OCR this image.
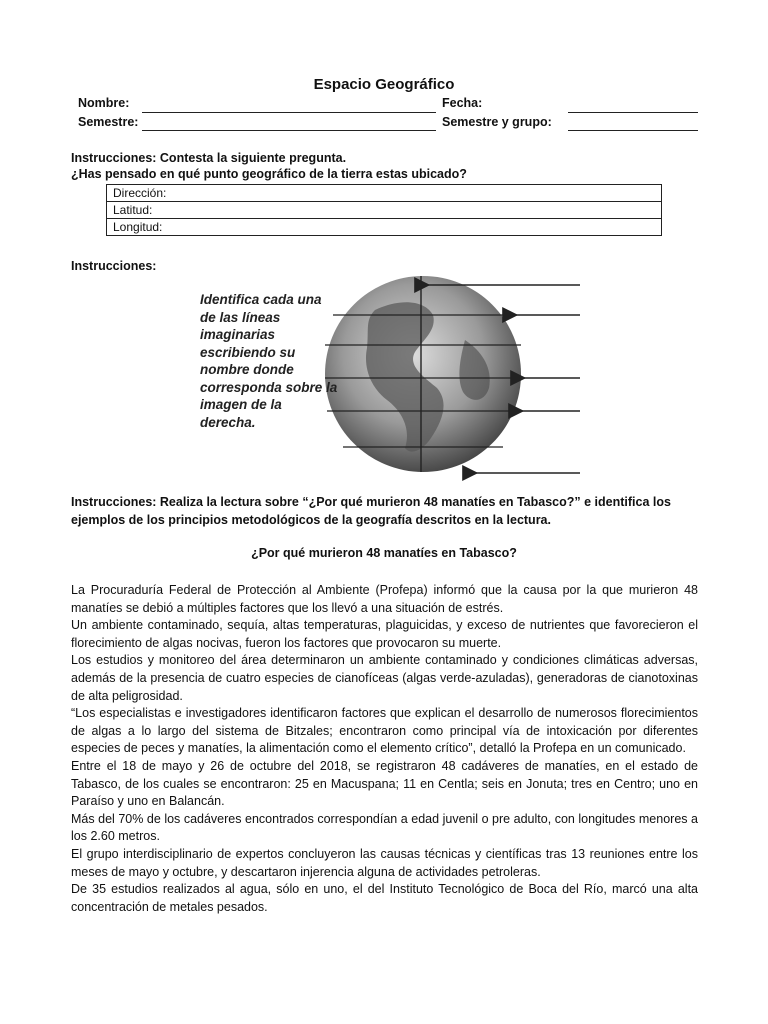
Espacio Geográfico
Nombre:	Fecha:
Semestre:	Semestre y grupo:
Instrucciones: Contesta la siguiente pregunta.
¿Has pensado en qué punto geográfico de la tierra estas ubicado?
Dirección:
Latitud:
Longitud:
Instrucciones:
Identifica cada una de las líneas imaginarias escribiendo su nombre donde corresponda sobre la imagen de la derecha.
Instrucciones: Realiza la lectura sobre “¿Por qué murieron 48 manatíes en Tabasco?” e identifica los ejemplos de los principios metodológicos de la geografía descritos en la lectura.
¿Por qué murieron 48 manatíes en Tabasco?

La Procuraduría Federal de Protección al Ambiente (Profepa) informó que la causa por la que murieron 48 manatíes se debió a múltiples factores que los llevó a una situación de estrés.

Un ambiente contaminado, sequía, altas temperaturas, plaguicidas, y exceso de nutrientes que favorecieron el florecimiento de algas nocivas, fueron los factores que provocaron su muerte.

Los estudios y monitoreo del área determinaron un ambiente contaminado y condiciones climáticas adversas, además de la presencia de cuatro especies de cianofíceas (algas verde-azuladas), generadoras de cianotoxinas de alta peligrosidad.

“Los especialistas e investigadores identificaron factores que explican el desarrollo de numerosos florecimientos de algas a lo largo del sistema de Bitzales; encontraron como principal vía de intoxicación por diferentes especies de peces y manatíes, la alimentación como el elemento crítico”, detalló la Profepa en un comunicado.

Entre el 18 de mayo y 26 de octubre del 2018, se registraron 48 cadáveres de manatíes, en el estado de Tabasco, de los cuales se encontraron: 25 en Macuspana; 11 en Centla; seis en Jonuta; tres en Centro; uno en Paraíso y uno en Balancán.

Más del 70% de los cadáveres encontrados correspondían a edad juvenil o pre adulto, con longitudes menores a los 2.60 metros.

El grupo interdisciplinario de expertos concluyeron las causas técnicas y científicas tras 13 reuniones entre los meses de mayo y octubre, y descartaron injerencia alguna de actividades petroleras.

De 35 estudios realizados al agua, sólo en uno, el del Instituto Tecnológico de Boca del Río, marcó una alta concentración de metales pesados.
